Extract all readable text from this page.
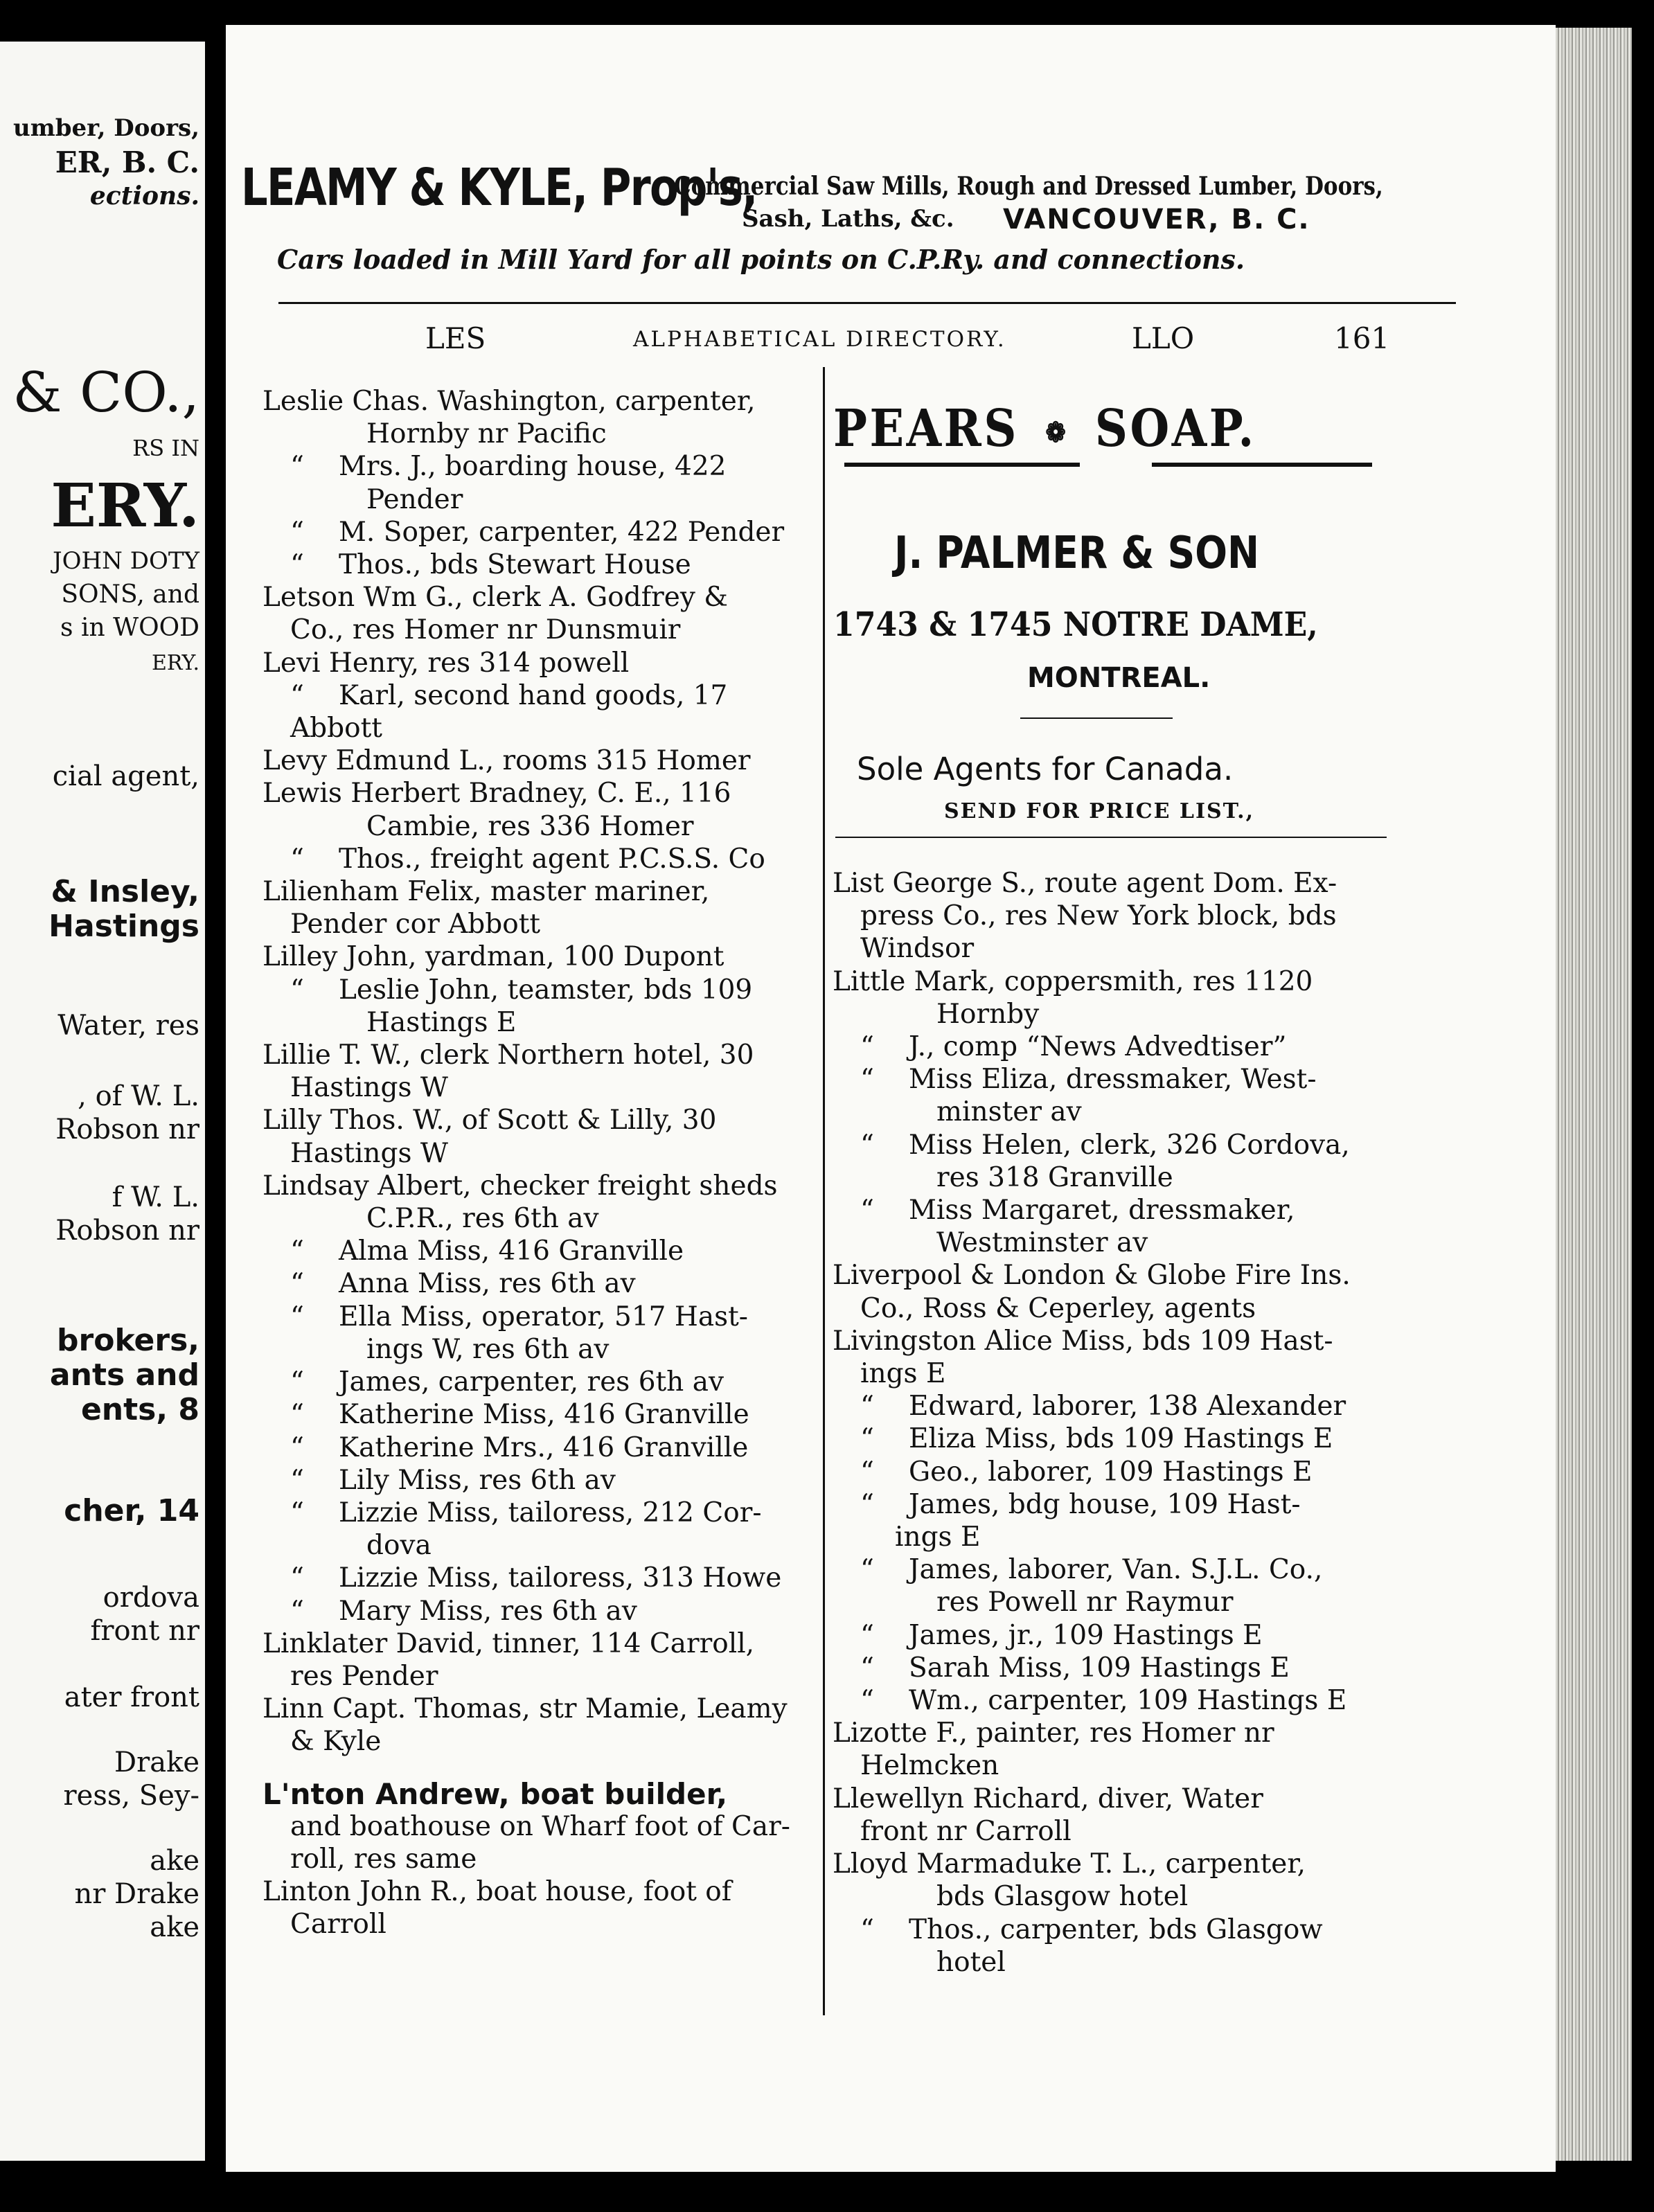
umber, Doors,
ER, B. C.
ections.
& CO.,
RS IN
ERY.
JOHN DOTY
SONS, and
s in WOOD
ERY.
cial agent,
& Insley,
Hastings
Water, res
, of W. L.
Robson nr
f W. L.
Robson nr
brokers,
ants and
ents, 8
cher, 14
ordova
front nr
ater front
Drake
ress, Sey-
ake
nr Drake
ake
LEAMY & KYLE, Prop's,
Commercial Saw Mills, Rough and Dressed Lumber, Doors,
Sash, Laths, &c. VANCOUVER, B. C.
Cars loaded in Mill Yard for all points on C.P.Ry. and connections.
LES	ALPHABETICAL DIRECTORY.	LLO	161
PEARS ❁ SOAP.
J. PALMER & SON
1743 & 1745 NOTRE DAME,
MONTREAL.
Sole Agents for Canada.
SEND FOR PRICE LIST.,
Leslie Chas. Washington, carpenter,
Hornby nr Pacific
“	Mrs. J., boarding house, 422
Pender
“	M. Soper, carpenter, 422 Pender
“	Thos., bds Stewart House
Letson Wm G., clerk A. Godfrey &
Co., res Homer nr Dunsmuir
Levi Henry, res 314 powell
“	Karl, second hand goods, 17
Abbott
Levy Edmund L., rooms 315 Homer
Lewis Herbert Bradney, C. E., 116
Cambie, res 336 Homer
“	Thos., freight agent P.C.S.S. Co
Lilienham Felix, master mariner,
Pender cor Abbott
Lilley John, yardman, 100 Dupont
“	Leslie John, teamster, bds 109
Hastings E
Lillie T. W., clerk Northern hotel, 30
Hastings W
Lilly Thos. W., of Scott & Lilly, 30
Hastings W
Lindsay Albert, checker freight sheds
C.P.R., res 6th av
“	Alma Miss, 416 Granville
“	Anna Miss, res 6th av
“	Ella Miss, operator, 517 Hast-
ings W, res 6th av
“	James, carpenter, res 6th av
“	Katherine Miss, 416 Granville
“	Katherine Mrs., 416 Granville
“	Lily Miss, res 6th av
“	Lizzie Miss, tailoress, 212 Cor-
dova
“	Lizzie Miss, tailoress, 313 Howe
“	Mary Miss, res 6th av
Linklater David, tinner, 114 Carroll,
res Pender
Linn Capt. Thomas, str Mamie, Leamy
& Kyle
L'nton Andrew, boat builder,
and boathouse on Wharf foot of Car-
roll, res same
Linton John R., boat house, foot of
Carroll
List George S., route agent Dom. Ex-
press Co., res New York block, bds
Windsor
Little Mark, coppersmith, res 1120
Hornby
“	J., comp “News Advedtiser”
“	Miss Eliza, dressmaker, West-
minster av
“	Miss Helen, clerk, 326 Cordova,
res 318 Granville
“	Miss Margaret, dressmaker,
Westminster av
Liverpool & London & Globe Fire Ins.
Co., Ross & Ceperley, agents
Livingston Alice Miss, bds 109 Hast-
ings E
“	Edward, laborer, 138 Alexander
“	Eliza Miss, bds 109 Hastings E
“	Geo., laborer, 109 Hastings E
“	James, bdg house, 109 Hast-
ings E
“	James, laborer, Van. S.J.L. Co.,
res Powell nr Raymur
“	James, jr., 109 Hastings E
“	Sarah Miss, 109 Hastings E
“	Wm., carpenter, 109 Hastings E
Lizotte F., painter, res Homer nr
Helmcken
Llewellyn Richard, diver, Water
front nr Carroll
Lloyd Marmaduke T. L., carpenter,
bds Glasgow hotel
“	Thos., carpenter, bds Glasgow
hotel
